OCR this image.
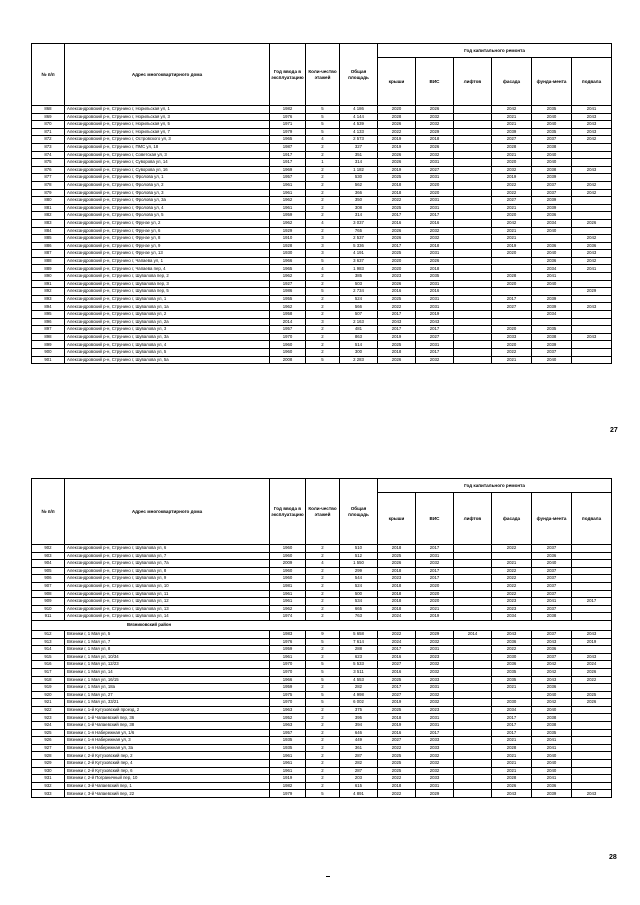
№ п/п	Адрес многоквартирного дома	Год ввода в эксплуатацию	Коли-чество этажей	Общая площадь	Год капитального ремонта					
					крыши	ВИС	лифтов	фасада	фунда-мента	подвала
868	Александровский р-н, Струнино г, Норильская ул, 1	1982	5	4 186	2020	2026		2042	2035	2041
869	Александровский р-н, Струнино г, Норильская ул, 3	1976	5	4 144	2028	2032		2021	2040	2043
870	Александровский р-н, Струнино г, Норильская ул, 5	1971	5	4 539	2026	2032		2021	2040	2043
871	Александровский р-н, Струнино г, Норильская ул, 7	1979	5	4 133	2022	2029		2039	2035	2043
872	Александровский р-н, Струнино г, Островского ул, 3	1965	4	2 573	2019	2018		2027	2037	2042
873	Александровский р-н, Струнино г, ПМС ул, 18	1987	2	327	2019	2026		2028	2038	
874	Александровский р-н, Струнино г, Советская ул, 3	1917	2	351	2026	2032		2021	2040	
875	Александровский р-н, Струнино г, Суворова ул, 14	1917	1	314	2026	2031		2020	2040	
876	Александровский р-н, Струнино г, Суворова ул, 16	1969	2	1 182	2019	2027		2032	2038	2043
877	Александровский р-н, Струнино г, Фролова ул, 1	1957	2	530	2025	2031		2019	2039	
878	Александровский р-н, Струнино г, Фролова ул, 2	1961	2	562	2018	2020		2022	2037	2042
879	Александровский р-н, Струнино г, Фролова ул, 3	1961	2	366	2018	2020		2022	2037	2042
880	Александровский р-н, Струнино г, Фролова ул, 3а	1962	2	350	2022	2031		2027	2039	
881	Александровский р-н, Струнино г, Фролова ул, 4	1961	2	308	2025	2031		2021	2039	
882	Александровский р-н, Струнино г, Фролова ул, 5	1959	2	314	2017	2017		2020	2036	
883	Александровский р-н, Струнино г, Фрунзе ул, 2	1962	4	3 037	2016	2016		2042	2034	2026
884	Александровский р-н, Струнино г, Фрунзе ул, 6	1929	2	765	2026	2032		2021	2040	
885	Александровский р-н, Струнино г, Фрунзе ул, 8	1910	3	2 537	2026	2032		2021		2042
886	Александровский р-н, Струнино г, Фрунзе ул, 9	1928	3	5 336	2017	2018		2019	2036	2036
887	Александровский р-н, Струнино г, Фрунзе ул, 13	1930	3	4 191	2025	2031		2020	2040	2043
888	Александровский р-н, Струнино г, Чапаева ул, 1	1966	5	3 637	2020	2026			2036	2042
889	Александровский р-н, Струнино г, Чапаева пер, 4	1965	4	1 983	2020	2018			2034	2041
890	Александровский р-н, Струнино г, Шувалова пер, 2	1962	2	385	2023	2035		2028	2041	
891	Александровский р-н, Струнино г, Шувалова пер, 3	1927	2	503	2026	2031		2020	2040	
892	Александровский р-н, Струнино г, Шувалова пер, 5	1986	5	2 734	2016	2016				2029
893	Александровский р-н, Струнино г, Шувалова ул, 1	1955	2	524	2025	2031		2017	2039	
894	Александровский р-н, Струнино г, Шувалова ул, 1а	1962	2	566	2022	2031		2027	2039	2043
895	Александровский р-н, Струнино г, Шувалова ул, 2	1958	2	507	2017	2019			2034	
896	Александровский р-н, Струнино г, Шувалова ул, 2а	2014	3	2 163	2043	2043				
897	Александровский р-н, Струнино г, Шувалова ул, 3	1957	2	481	2017	2017		2020	2035	
898	Александровский р-н, Струнино г, Шувалова ул, 3а	1970	2	863	2019	2027		2033	2038	2043
899	Александровский р-н, Струнино г, Шувалова ул, 4	1960	2	514	2025	2031		2020	2039	
900	Александровский р-н, Струнино г, Шувалова ул, 5	1960	2	300	2018	2017		2022	2037	
901	Александровский р-н, Струнино г, Шувалова ул, 5а	2008	5	2 283	2026	2032		2021	2040	
27
№ п/п	Адрес многоквартирного дома	Год ввода в эксплуатацию	Коли-чество этажей	Общая площадь	Год капитального ремонта					
					крыши	ВИС	лифтов	фасада	фунда-мента	подвала
902	Александровский р-н, Струнино г, Шувалова ул, 6	1960	2	510	2018	2017		2022	2037	
903	Александровский р-н, Струнино г, Шувалова ул, 7	1960	2	512	2025	2031			2036	
904	Александровский р-н, Струнино г, Шувалова ул, 7а	2009	4	1 550	2026	2032		2021	2040	
905	Александровский р-н, Струнино г, Шувалова ул, 8	1960	2	299	2018	2017		2022	2037	
906	Александровский р-н, Струнино г, Шувалова ул, 9	1960	2	544	2023	2017		2022	2037	
907	Александровский р-н, Струнино г, Шувалова ул, 10	1981	2	524	2018	2020		2022	2037	
908	Александровский р-н, Струнино г, Шувалова ул, 11	1961	2	500	2018	2020		2022	2037	
909	Александровский р-н, Струнино г, Шувалова ул, 12	1961	2	534	2018	2020		2023	2041	2017
910	Александровский р-н, Струнино г, Шувалова ул, 13	1962	2	665	2018	2021		2023	2037	
911	Александровский р-н, Струнино г, Шувалова ул, 14	1974	2	763	2024	2019		2034	2038	
Вязниковский район										
912	Вязники г, 1 Мая ул, 5	1983	9	5 658	2022	2029	2014	2043	2037	2043
913	Вязники г, 1 Мая ул, 7	1976	5	7 614	2024	2032		2036	2043	2019
914	Вязники г, 1 Мая ул, 8	1959	2	288	2017	2031		2022	2036	
915	Вязники г, 1 Мая ул, 10/34	1961	2	623	2016	2023		2030	2037	2043
916	Вязники г, 1 Мая ул, 12/23	1970	5	5 533	2027	2032		2036	2042	2024
917	Вязники г, 1 Мая ул, 14	1970	5	3 511	2016	2032		2035	2042	2026
918	Вязники г, 1 Мая ул, 16/15	1966	5	4 553	2025	2033		2035	2043	2022
919	Вязники г, 1 Мая ул, 18а	1959	2	282	2017	2031		2021	2036	
920	Вязники г, 1 Мая ул, 27	1975	5	4 998	2027	2032			2040	2025
921	Вязники г, 1 Мая ул, 33/21	1970	5	6 002	2019	2032		2030	2042	2026
922	Вязники г, 1-й Кутузовский проезд, 2	1963	2	375	2025	2023		2034	2040	
923	Вязники г, 1-й Чапаевский пер, 36	1952	2	395	2018	2031		2017	2038	
924	Вязники г, 1-й Чапаевский пер, 38	1963	2	394	2019	2031		2017	2038	
925	Вязники г, 1-я Набережная ул, 1/6	1957	2	646	2016	2017		2017	2035	
926	Вязники г, 1-я Набережная ул, 3	1935	2	449	2027	2033		2021	2041	
927	Вязники г, 1-я Набережная ул, 3а	1935	2	361	2022	2033		2028	2041	
928	Вязники г, 2-й Кутузовский пер, 2	1961	2	287	2025	2032		2021	2040	
929	Вязники г, 2-й Кутузовский пер, 4	1961	2	282	2025	2032		2021	2040	
930	Вязники г, 2-й Кутузовский пер, 6	1961	2	287	2025	2032		2021	2040	
931	Вязники г, 2-й Пограничный пер, 10	1919	2	203	2022	2033		2028	2041	
932	Вязники г, 3-й Чапаевский пер, 1	1982	2	615	2018	2031		2026	2036	
933	Вязники г, 3-й Чапаевский пер, 22	1979	5	4 891	2022	2029		2043	2039	2043
28
